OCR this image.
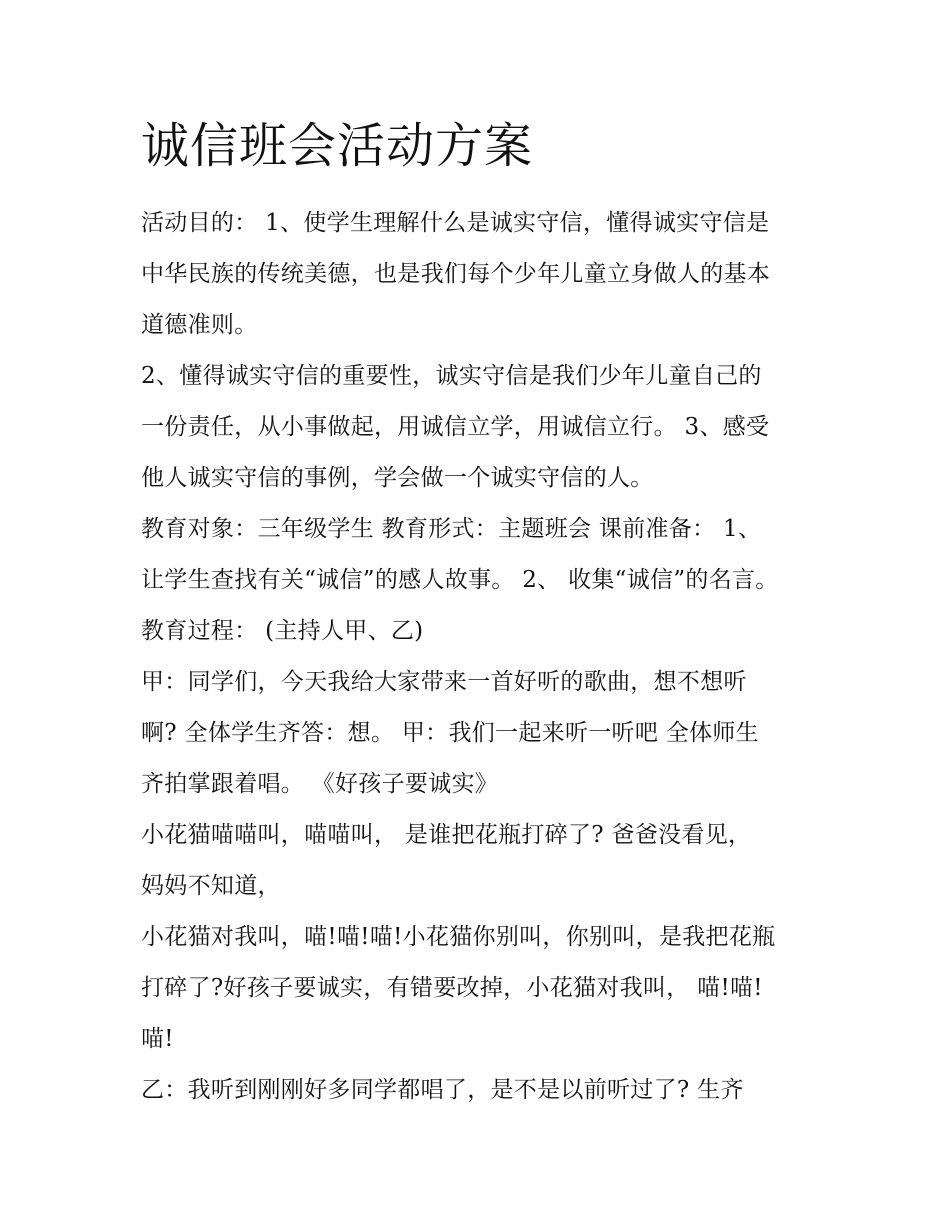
诚信班会活动方案
活动目的： 1、使学生理解什么是诚实守信，懂得诚实守信是
中华民族的传统美德，也是我们每个少年儿童立身做人的基本
道德准则。
2、懂得诚实守信的重要性，诚实守信是我们少年儿童自己的
一份责任，从小事做起，用诚信立学，用诚信立行。 3、感受
他人诚实守信的事例，学会做一个诚实守信的人。
教育对象：三年级学生 教育形式：主题班会 课前准备： 1、
让学生查找有关“诚信”的感人故事。 2、 收集“诚信”的名言。
教育过程： (主持人甲、乙)
甲：同学们，今天我给大家带来一首好听的歌曲，想不想听
啊? 全体学生齐答：想。 甲：我们一起来听一听吧 全体师生
齐拍掌跟着唱。 《好孩子要诚实》
小花猫喵喵叫，喵喵叫， 是谁把花瓶打碎了? 爸爸没看见，
妈妈不知道，
小花猫对我叫，喵!喵!喵!小花猫你别叫，你别叫，是我把花瓶
打碎了?好孩子要诚实，有错要改掉，小花猫对我叫， 喵!喵!
喵!
乙：我听到刚刚好多同学都唱了，是不是以前听过了? 生齐
